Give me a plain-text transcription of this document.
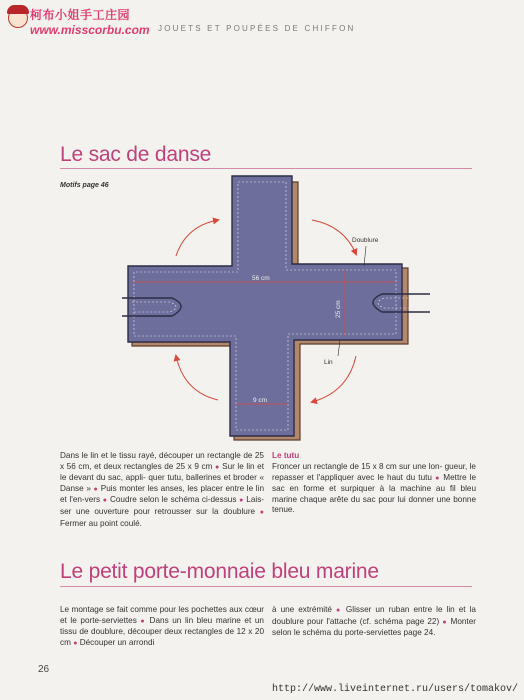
柯布小姐手工庄园
www.misscorbu.com JOUETS ET POUPÉES DE CHIFFON
Le sac de danse
Motifs page 46
56 cm
25 cm
9 cm
Doublure
Lin
Dans le lin et le tissu rayé, découper un rectangle de 25 x 56 cm, et deux rectangles de 25 x 9 cm ● Sur le lin et le devant du sac, appli- quer tutu, ballerines et broder « Danse » ● Puis monter les anses, les placer entre le lin et l'en-vers ● Coudre selon le schéma ci-dessus ● Lais-ser une ouverture pour retrousser sur la doublure ● Fermer au point coulé.
Le tutu
Froncer un rectangle de 15 x 8 cm sur une lon- gueur, le repasser et l'appliquer avec le haut du tutu ● Mettre le sac en forme et surpiquer à la machine au fil bleu marine chaque arête du sac pour lui donner une bonne tenue.
Le petit porte-monnaie bleu marine
Le montage se fait comme pour les pochettes aux cœur et le porte-serviettes ● Dans un lin bleu marine et un tissu de doublure, découper deux rectangles de 12 x 20 cm ● Découper un arrondi
à une extrémité ● Glisser un ruban entre le lin et la doublure pour l'attache (cf. schéma page 22) ● Monter selon le schéma du porte-serviettes page 24.
26
http://www.liveinternet.ru/users/tomakov/
